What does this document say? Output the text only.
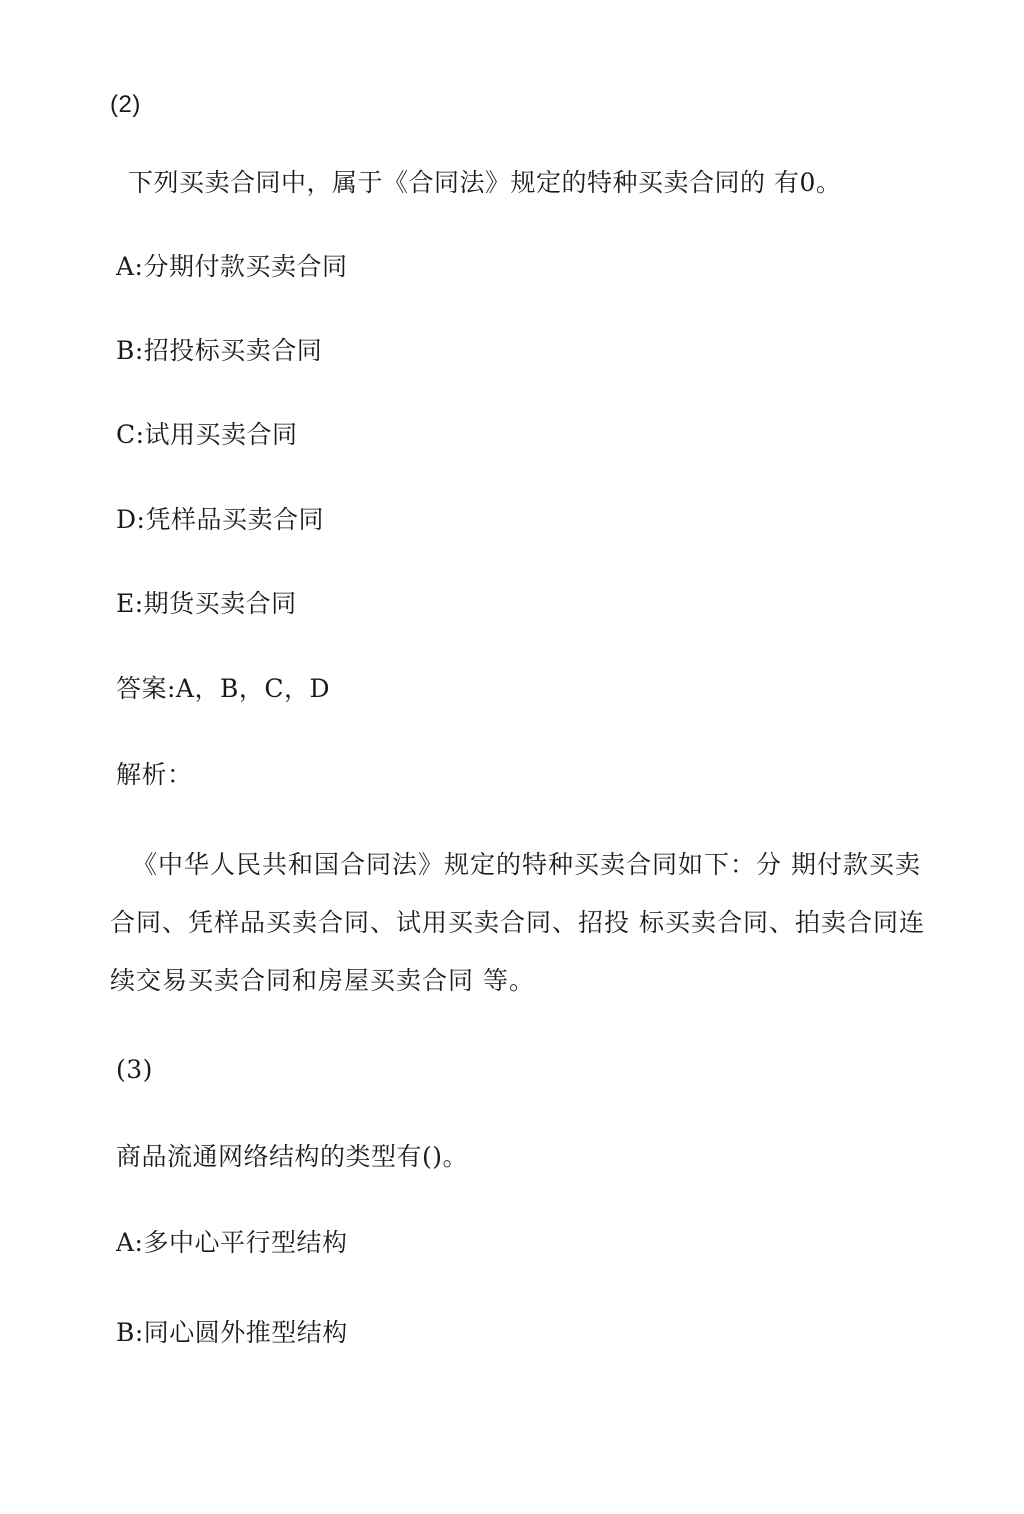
(2)
下列买卖合同中，属于《合同法》规定的特种买卖合同的 有0。
A:分期付款买卖合同
B:招投标买卖合同
C:试用买卖合同
D:凭样品买卖合同
E:期货买卖合同
答案:A，B，C，D
解析：
《中华人民共和国合同法》规定的特种买卖合同如下：分 期付款买卖合同、凭样品买卖合同、试用买卖合同、招投 标买卖合同、拍卖合同连续交易买卖合同和房屋买卖合同 等。
(3)
商品流通网络结构的类型有()。
A:多中心平行型结构
B:同心圆外推型结构
